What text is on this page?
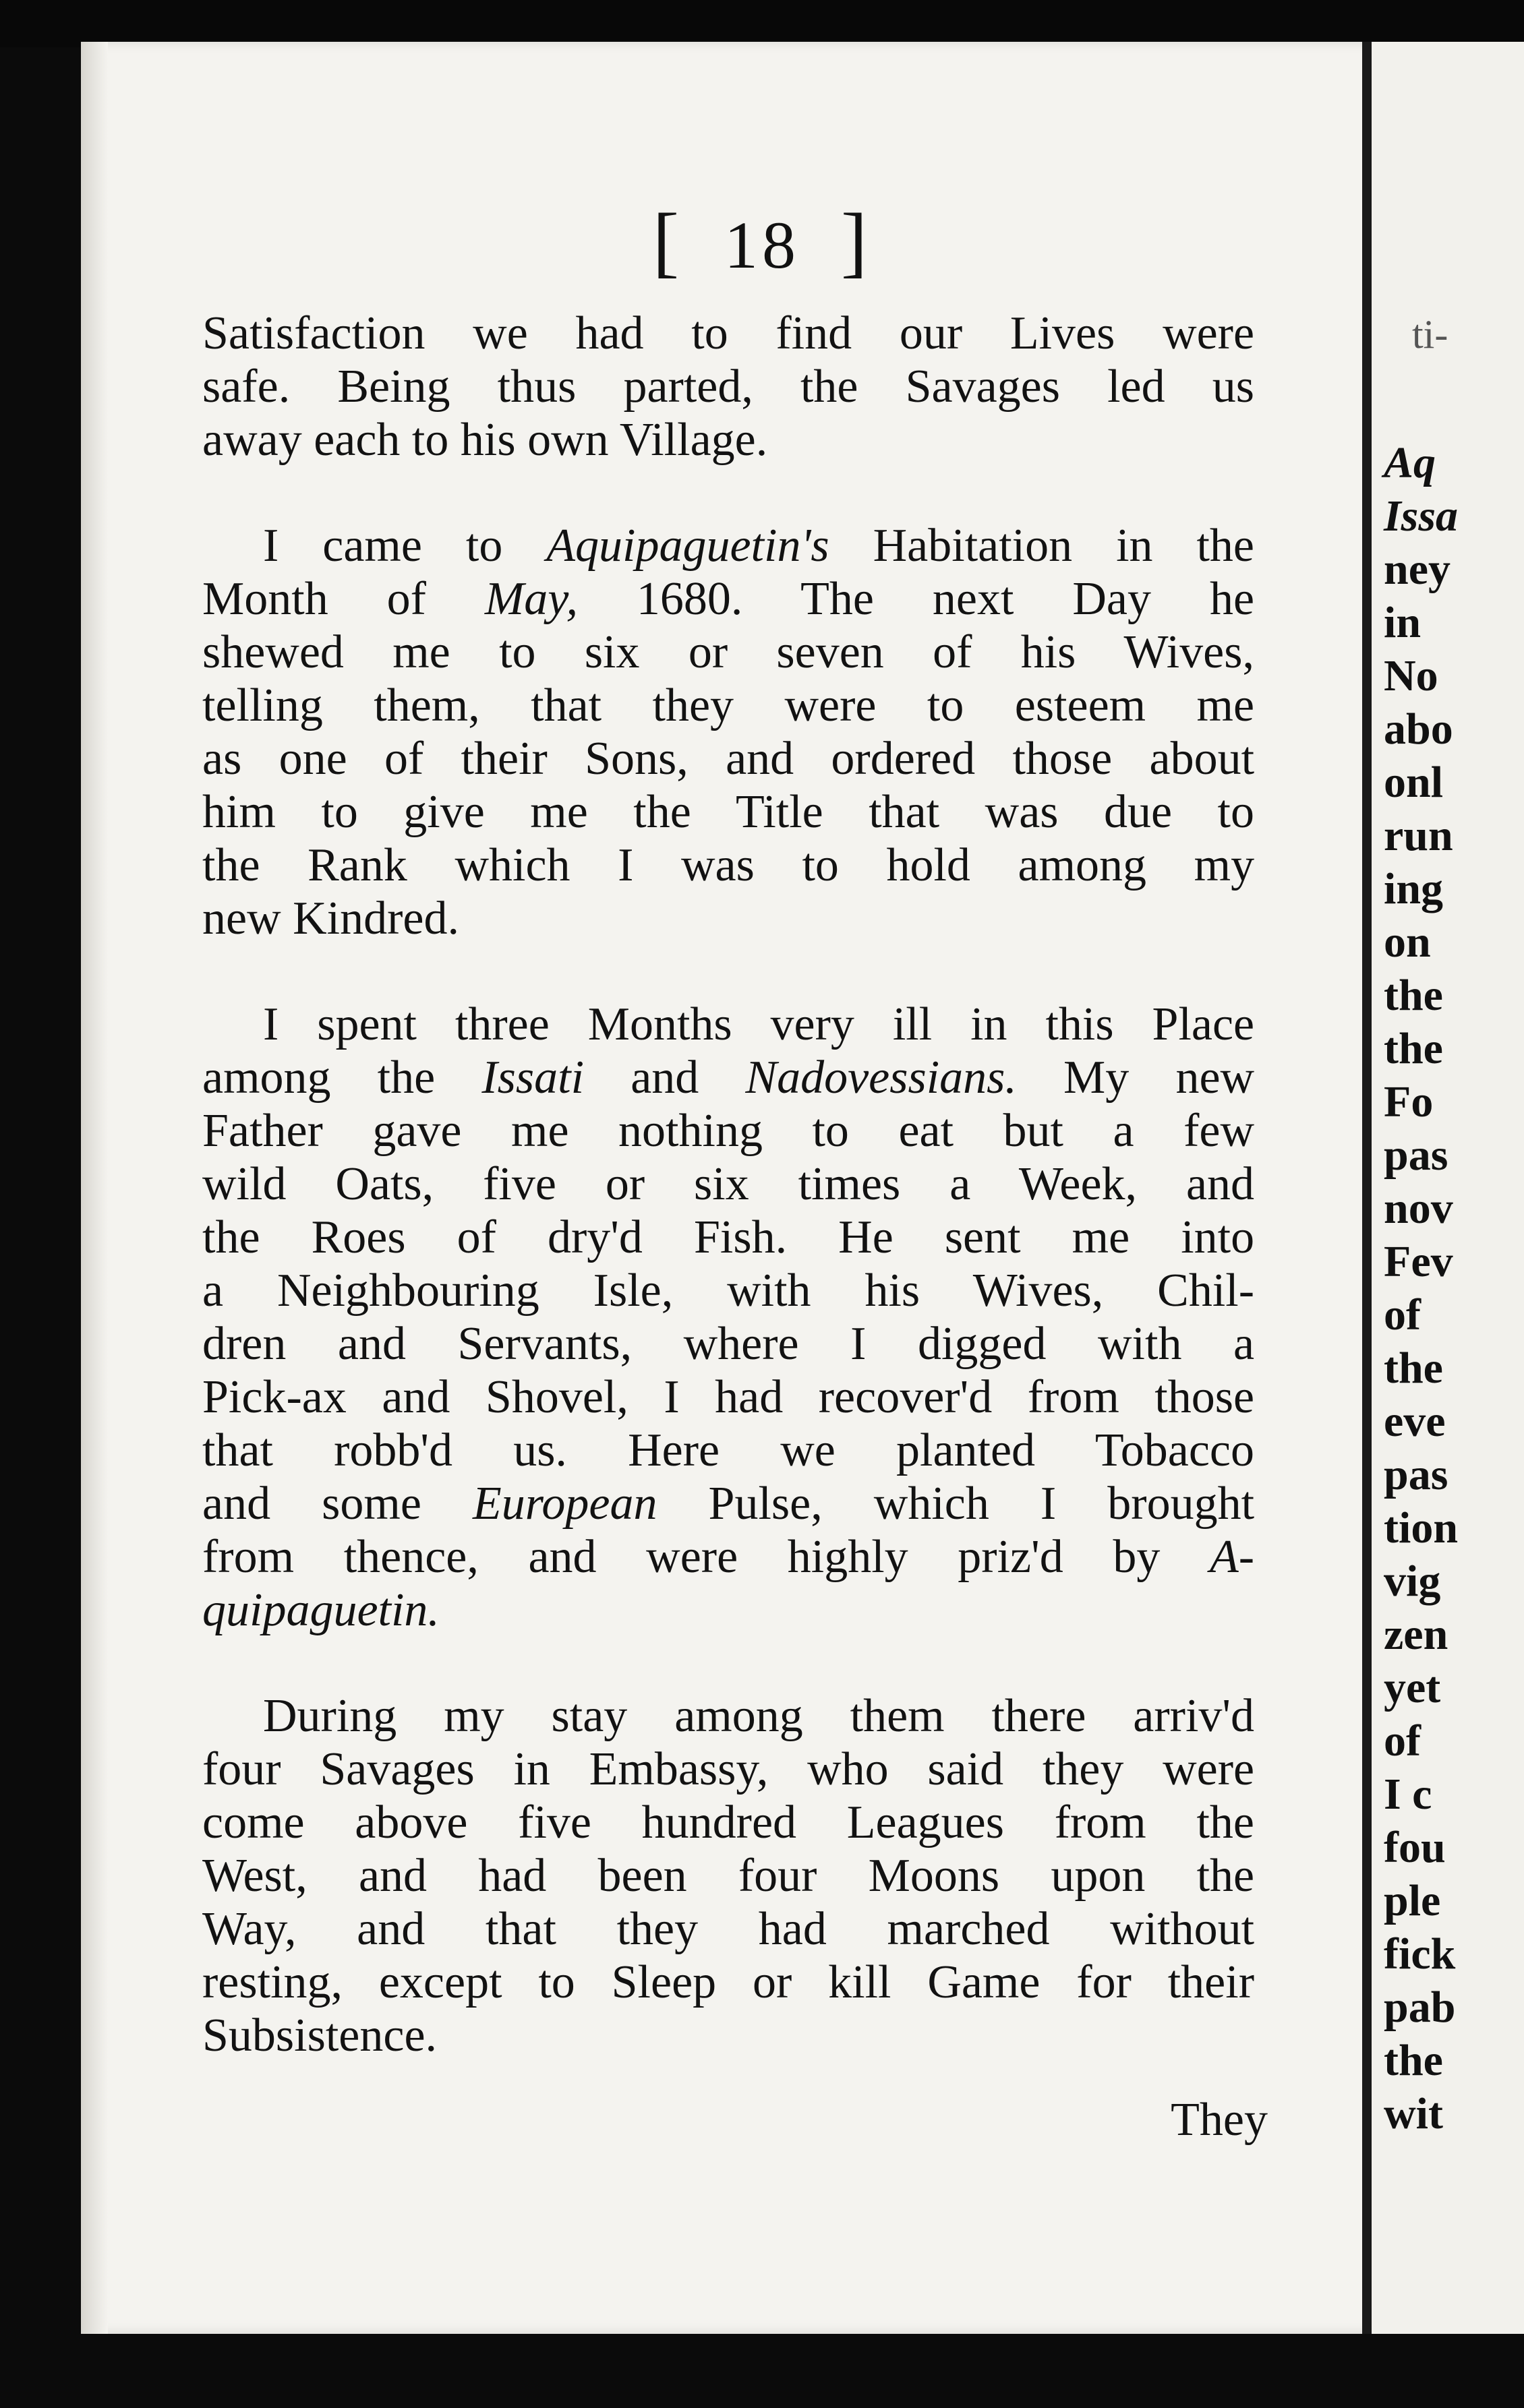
ti-
Aq
Issa
ney
in
No
abo
onl
run
ing
on
the
the
Fo
pas
nov
Fev
of
the
eve
pas
tion
vig
zen
yet
of
I c
fou
ple
fick
pab
the
wit
[ 18 ]
Satisfaction we had to find our Lives were
safe. Being thus parted, the Savages led us
away each to his own Village.
I came to Aquipaguetin's Habitation in the
Month of May, 1680. The next Day he
shewed me to six or seven of his Wives,
telling them, that they were to esteem me
as one of their Sons, and ordered those about
him to give me the Title that was due to
the Rank which I was to hold among my
new Kindred.
I spent three Months very ill in this Place
among the Issati and Nadovessians. My new
Father gave me nothing to eat but a few
wild Oats, five or six times a Week, and
the Roes of dry'd Fish. He sent me into
a Neighbouring Isle, with his Wives, Chil-
dren and Servants, where I digged with a
Pick-ax and Shovel, I had recover'd from those
that robb'd us. Here we planted Tobacco
and some European Pulse, which I brought
from thence, and were highly priz'd by A-
quipaguetin.
During my stay among them there arriv'd
four Savages in Embassy, who said they were
come above five hundred Leagues from the
West, and had been four Moons upon the
Way, and that they had marched without
resting, except to Sleep or kill Game for their
Subsistence.
They
